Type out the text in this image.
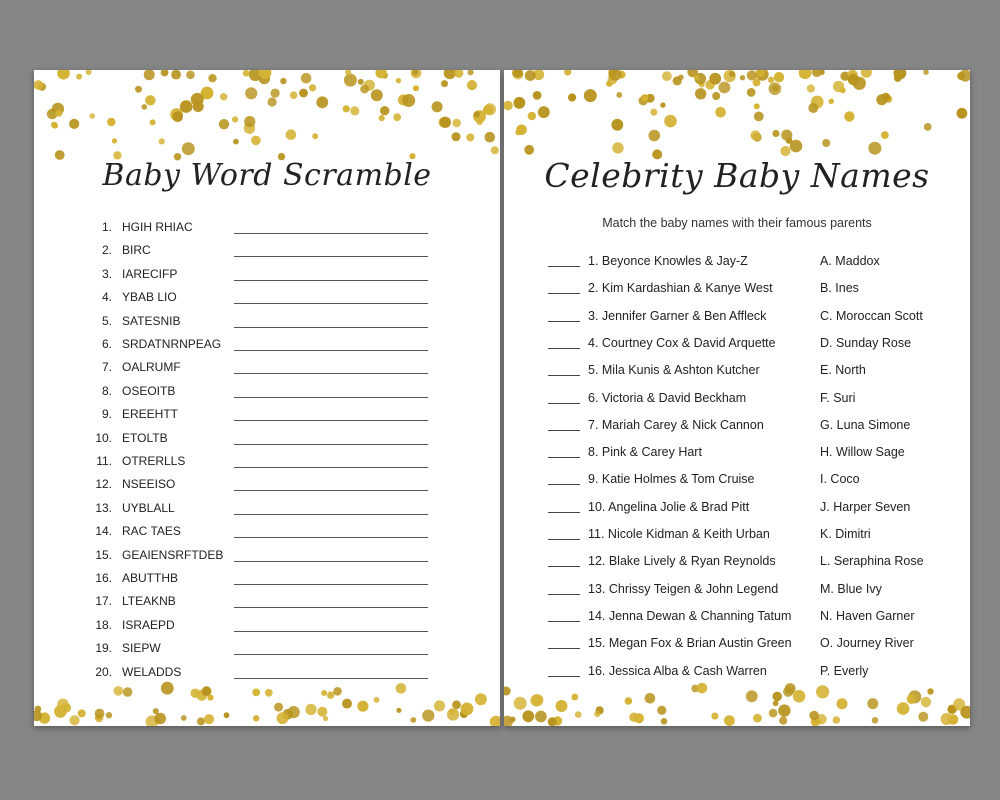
Baby Word Scramble
1. HGIH RHIAC
2. BIRC
3. IARECIFP
4. YBAB LIO
5. SATESNIB
6. SRDATNRNPEAG
7. OALRUMF
8. OSEOITB
9. EREEHTT
10. ETOLTB
11. OTRERLLS
12. NSEEISO
13. UYBLALL
14. RAC TAES
15. GEAIENSRFTDEB
16. ABUTTHB
17. LTEAKNB
18. ISRAEPD
19. SIEPW
20. WELADDS
Celebrity Baby Names
Match the baby names with their famous parents
1. Beyonce Knowles & Jay-Z	A. Maddox
2. Kim Kardashian & Kanye West	B. Ines
3. Jennifer Garner & Ben Affleck	C. Moroccan Scott
4. Courtney Cox & David Arquette	D. Sunday Rose
5. Mila Kunis & Ashton Kutcher	E. North
6. Victoria & David Beckham	F. Suri
7. Mariah Carey & Nick Cannon	G. Luna Simone
8. Pink & Carey Hart	H. Willow Sage
9. Katie Holmes & Tom Cruise	I. Coco
10. Angelina Jolie & Brad Pitt	J. Harper Seven
11. Nicole Kidman & Keith Urban	K. Dimitri
12. Blake Lively & Ryan Reynolds	L. Seraphina Rose
13. Chrissy Teigen & John Legend	M. Blue Ivy
14. Jenna Dewan & Channing Tatum N. Haven Garner
15. Megan Fox & Brian Austin Green O. Journey River
16. Jessica Alba & Cash Warren	P. Everly
